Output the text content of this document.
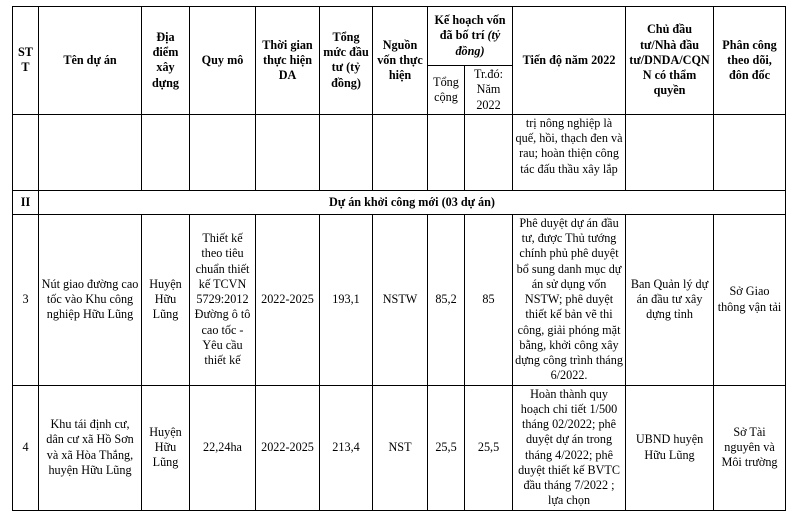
STT	Tên dự án	Địa điểm xây dựng	Quy mô	Thời gian thực hiện DA	Tổng mức đầu tư (tỷ đồng)	Nguồn vốn thực hiện	Kế hoạch vốn đã bố trí (tỷ đồng)		Tiến độ năm 2022	Chủ đầu tư/Nhà đầu tư/DNDA/CQNN có thẩm quyền	Phân công theo dõi, đôn đốc
							Tổng cộng	Tr.đó: Năm 2022			
									trị nông nghiệp là quế, hồi, thạch đen và rau; hoàn thiện công tác đấu thầu xây lắp		
II	Dự án khởi công mới (03 dự án)										
3	Nút giao đường cao tốc vào Khu công nghiệp Hữu Lũng	Huyện Hữu Lũng	Thiết kế theo tiêu chuẩn thiết kế TCVN 5729:2012 Đường ô tô cao tốc -Yêu cầu thiết kế	2022-2025	193,1	NSTW	85,2	85	Phê duyệt dự án đầu tư, được Thủ tướng chính phủ phê duyệt bổ sung danh mục dự án sử dụng vốn NSTW; phê duyệt thiết kế bản vẽ thi công, giải phóng mặt bằng, khởi công xây dựng công trình tháng 6/2022.	Ban Quản lý dự án đầu tư xây dựng tỉnh	Sở Giao thông vận tải
4	Khu tái định cư, dân cư xã Hồ Sơn và xã Hòa Thắng, huyện Hữu Lũng	Huyện Hữu Lũng	22,24ha	2022-2025	213,4	NST	25,5	25,5	Hoàn thành quy hoạch chi tiết 1/500 tháng 02/2022; phê duyệt dự án trong tháng 4/2022; phê duyệt thiết kế BVTC đầu tháng 7/2022 ; lựa chọn	UBND huyện Hữu Lũng	Sở Tài nguyên và Môi trường
